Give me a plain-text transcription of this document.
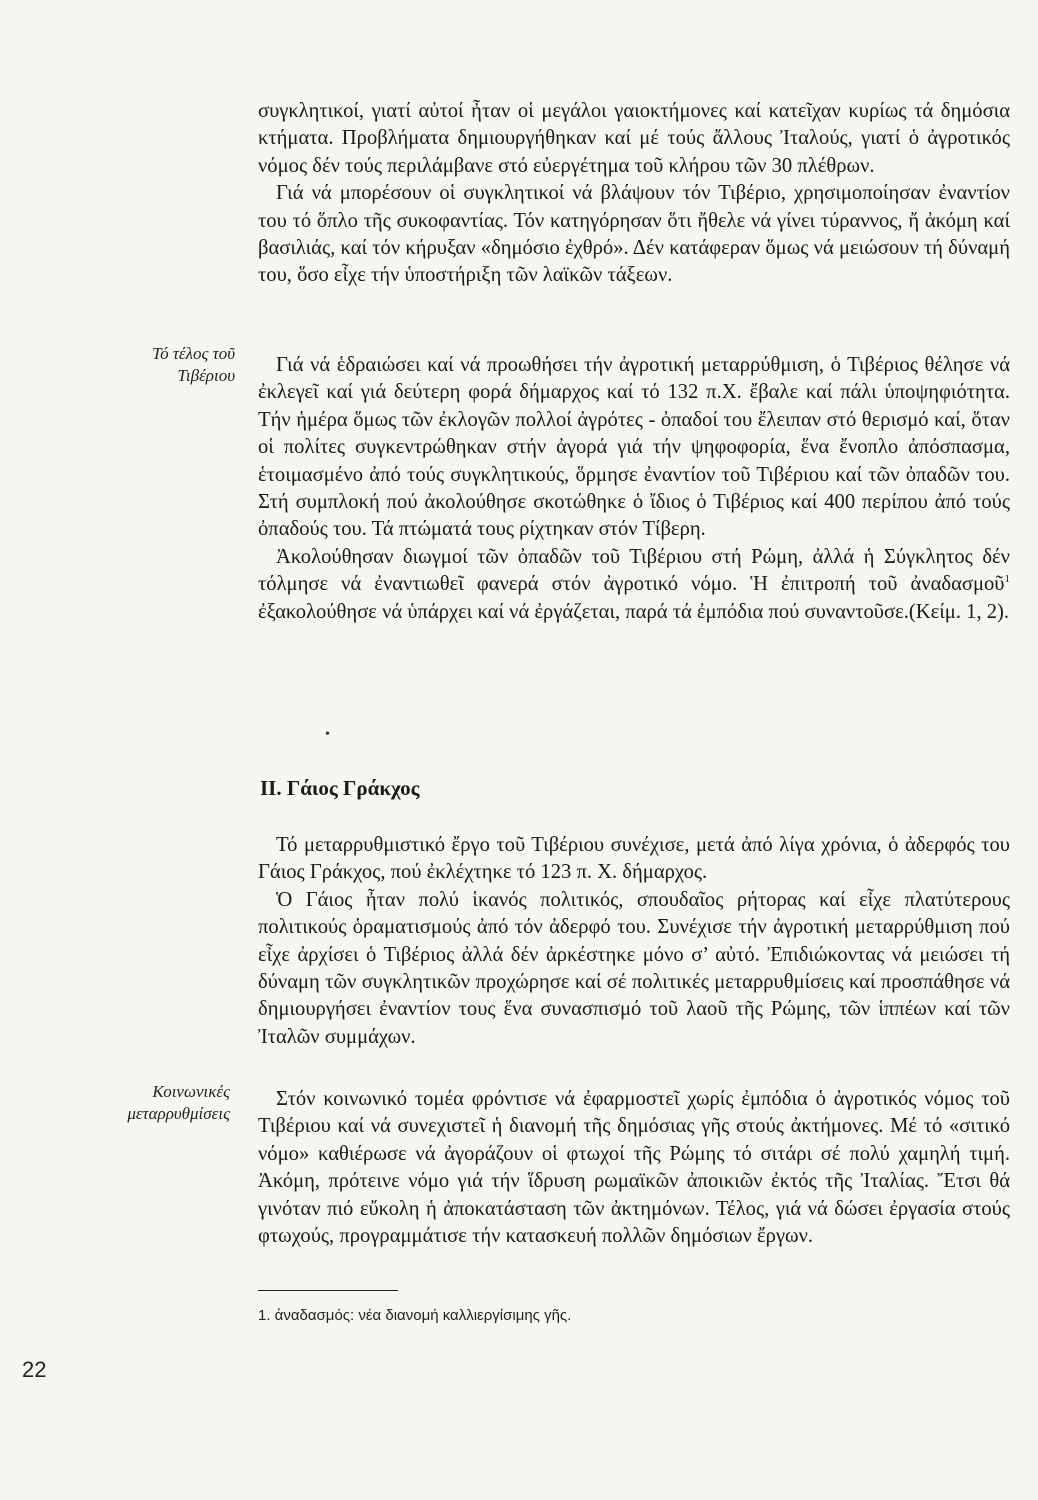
συγκλητικοί, γιατί αὐτοί ἦταν οἱ μεγάλοι γαιοκτήμονες καί κατεῖχαν κυρίως τά δημόσια κτήματα. Προβλήματα δημιουργήθηκαν καί μέ τούς ἄλλους Ἰταλούς, γιατί ὁ ἀγροτικός νόμος δέν τούς περιλάμβανε στό εὐεργέτημα τοῦ κλήρου τῶν 30 πλέθρων.

Γιά νά μπορέσουν οἱ συγκλητικοί νά βλάψουν τόν Τιβέριο, χρησιμοποίησαν ἐναντίον του τό ὅπλο τῆς συκοφαντίας. Τόν κατηγόρησαν ὅτι ἤθελε νά γίνει τύραννος, ἤ ἀκόμη καί βασιλιάς, καί τόν κήρυξαν «δημόσιο ἐχθρό». Δέν κατάφεραν ὅμως νά μειώσουν τή δύναμή του, ὅσο εἶχε τήν ὑποστήριξη τῶν λαϊκῶν τάξεων.

Τό τέλος τοῦ Τιβέριου	Γιά νά ἑδραιώσει καί νά προωθήσει τήν ἀγροτική μεταρρύθμιση, ὁ Τιβέριος θέλησε νά ἐκλεγεῖ καί γιά δεύτερη φορά δήμαρχος καί τό 132 π.Χ. ἔβαλε καί πάλι ὑποψηφιότητα. Τήν ἡμέρα ὅμως τῶν ἐκλογῶν πολλοί ἀγρότες - ὀπαδοί του ἔλειπαν στό θερισμό καί, ὅταν οἱ πολίτες συγκεντρώθηκαν στήν ἀγορά γιά τήν ψηφοφορία, ἕνα ἔνοπλο ἀπόσπασμα, ἑτοιμασμένο ἀπό τούς συγκλητικούς, ὅρμησε ἐναντίον τοῦ Τιβέριου καί τῶν ὀπαδῶν του. Στή συμπλοκή πού ἀκολούθησε σκοτώθηκε ὁ ἴδιος ὁ Τιβέριος καί 400 περίπου ἀπό τούς ὀπαδούς του. Τά πτώματά τους ρίχτηκαν στόν Τίβερη.

Ἀκολούθησαν διωγμοί τῶν ὀπαδῶν τοῦ Τιβέριου στή Ρώμη, ἀλλά ἡ Σύγκλητος δέν τόλμησε νά ἐναντιωθεῖ φανερά στόν ἀγροτικό νόμο. Ἡ ἐπιτροπή τοῦ ἀναδασμοῦ$^1$ ἐξακολούθησε νά ὑπάρχει καί νά ἐργάζεται, παρά τά ἐμπόδια πού συναντοῦσε.(Κείμ. 1, 2).

•
ΙΙ. Γάιος Γράκχος

Τό μεταρρυθμιστικό ἔργο τοῦ Τιβέριου συνέχισε, μετά ἀπό λίγα χρόνια, ὁ ἀδερφός του Γάιος Γράκχος, πού ἐκλέχτηκε τό 123 π. Χ. δήμαρχος.

Ὁ Γάιος ἦταν πολύ ἱκανός πολιτικός, σπουδαῖος ρήτορας καί εἶχε πλατύτερους πολιτικούς ὁραματισμούς ἀπό τόν ἀδερφό του. Συνέχισε τήν ἀγροτική μεταρρύθμιση πού εἶχε ἀρχίσει ὁ Τιβέριος ἀλλά δέν ἀρκέστηκε μόνο σ’ αὐτό. Ἐπιδιώκοντας νά μειώσει τή δύναμη τῶν συγκλητικῶν προχώρησε καί σέ πολιτικές μεταρρυθμίσεις καί προσπάθησε νά δημιουργήσει ἐναντίον τους ἕνα συνασπισμό τοῦ λαοῦ τῆς Ρώμης, τῶν ἱππέων καί τῶν Ἰταλῶν συμμάχων.

Κοινωνικές μεταρρυθμίσεις

Στόν κοινωνικό τομέα φρόντισε νά ἐφαρμοστεῖ χωρίς ἐμπόδια ὁ ἀγροτικός νόμος τοῦ Τιβέριου καί νά συνεχιστεῖ ἡ διανομή τῆς δημόσιας γῆς στούς ἀκτήμονες. Μέ τό «σιτικό νόμο» καθιέρωσε νά ἀγοράζουν οἱ φτωχοί τῆς Ρώμης τό σιτάρι σέ πολύ χαμηλή τιμή. Ἀκόμη, πρότεινε νόμο γιά τήν ἵδρυση ρωμαϊκῶν ἀποικιῶν ἐκτός τῆς Ἰταλίας. Ἔτσι θά γινόταν πιό εὔκολη ἡ ἀποκατάσταση τῶν ἀκτημόνων. Τέλος, γιά νά δώσει ἐργασία στούς φτωχούς, προγραμμάτισε τήν κατασκευή πολλῶν δημόσιων ἔργων.

1. ἀναδασμός: νέα διανομή καλλιεργίσιμης γῆς.
22
